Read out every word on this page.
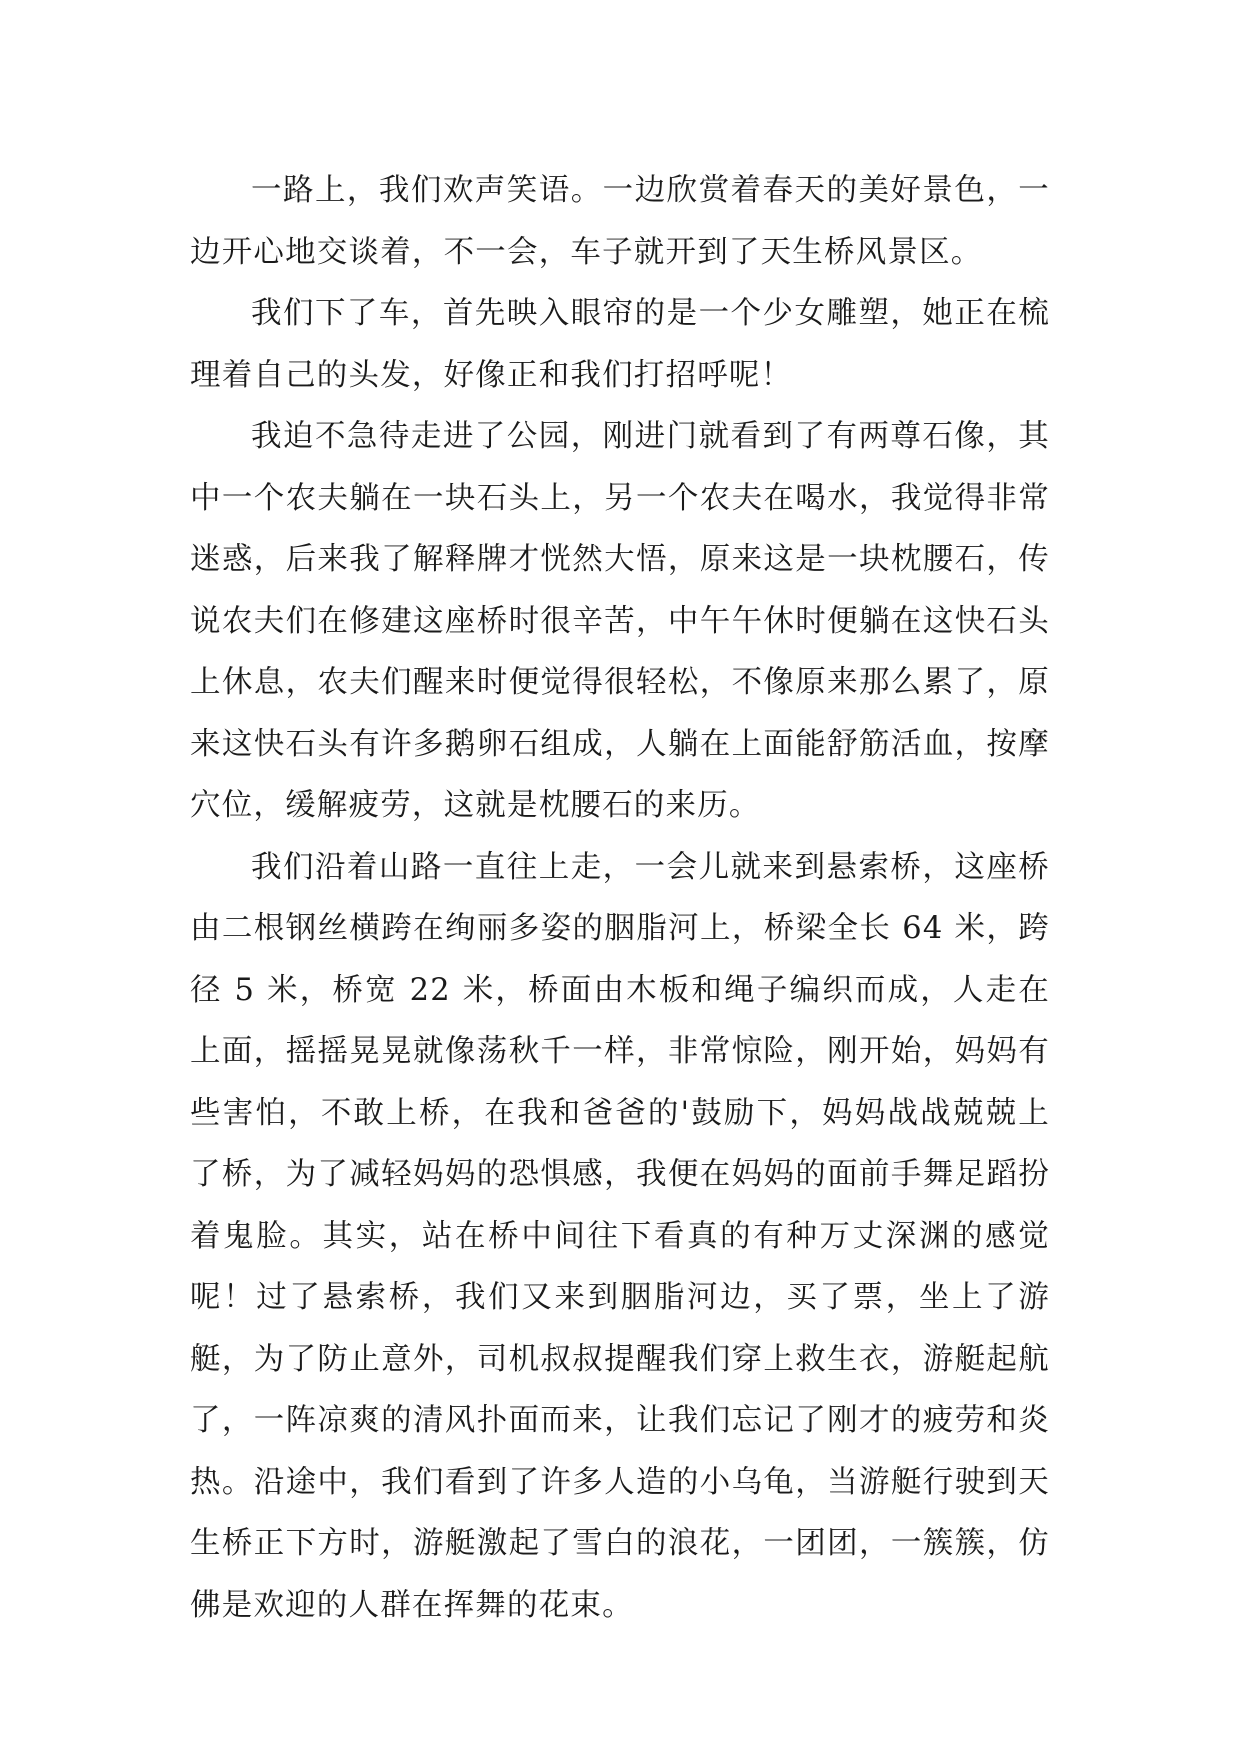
一路上，我们欢声笑语。一边欣赏着春天的美好景色，一边开心地交谈着，不一会，车子就开到了天生桥风景区。

我们下了车，首先映入眼帘的是一个少女雕塑，她正在梳理着自己的头发，好像正和我们打招呼呢！

我迫不急待走进了公园，刚进门就看到了有两尊石像，其中一个农夫躺在一块石头上，另一个农夫在喝水，我觉得非常迷惑，后来我了解释牌才恍然大悟，原来这是一块枕腰石，传说农夫们在修建这座桥时很辛苦，中午午休时便躺在这快石头上休息，农夫们醒来时便觉得很轻松，不像原来那么累了，原来这快石头有许多鹅卵石组成，人躺在上面能舒筋活血，按摩穴位，缓解疲劳，这就是枕腰石的来历。

我们沿着山路一直往上走，一会儿就来到悬索桥，这座桥由二根钢丝横跨在绚丽多姿的胭脂河上，桥梁全长 64 米，跨径 5 米，桥宽 22 米，桥面由木板和绳子编织而成，人走在上面，摇摇晃晃就像荡秋千一样，非常惊险，刚开始，妈妈有些害怕，不敢上桥，在我和爸爸的'鼓励下，妈妈战战兢兢上了桥，为了减轻妈妈的恐惧感，我便在妈妈的面前手舞足蹈扮着鬼脸。其实，站在桥中间往下看真的有种万丈深渊的感觉呢！过了悬索桥，我们又来到胭脂河边，买了票，坐上了游艇，为了防止意外，司机叔叔提醒我们穿上救生衣，游艇起航了，一阵凉爽的清风扑面而来，让我们忘记了刚才的疲劳和炎热。沿途中，我们看到了许多人造的小乌龟，当游艇行驶到天生桥正下方时，游艇激起了雪白的浪花，一团团，一簇簇，仿佛是欢迎的人群在挥舞的花束。
